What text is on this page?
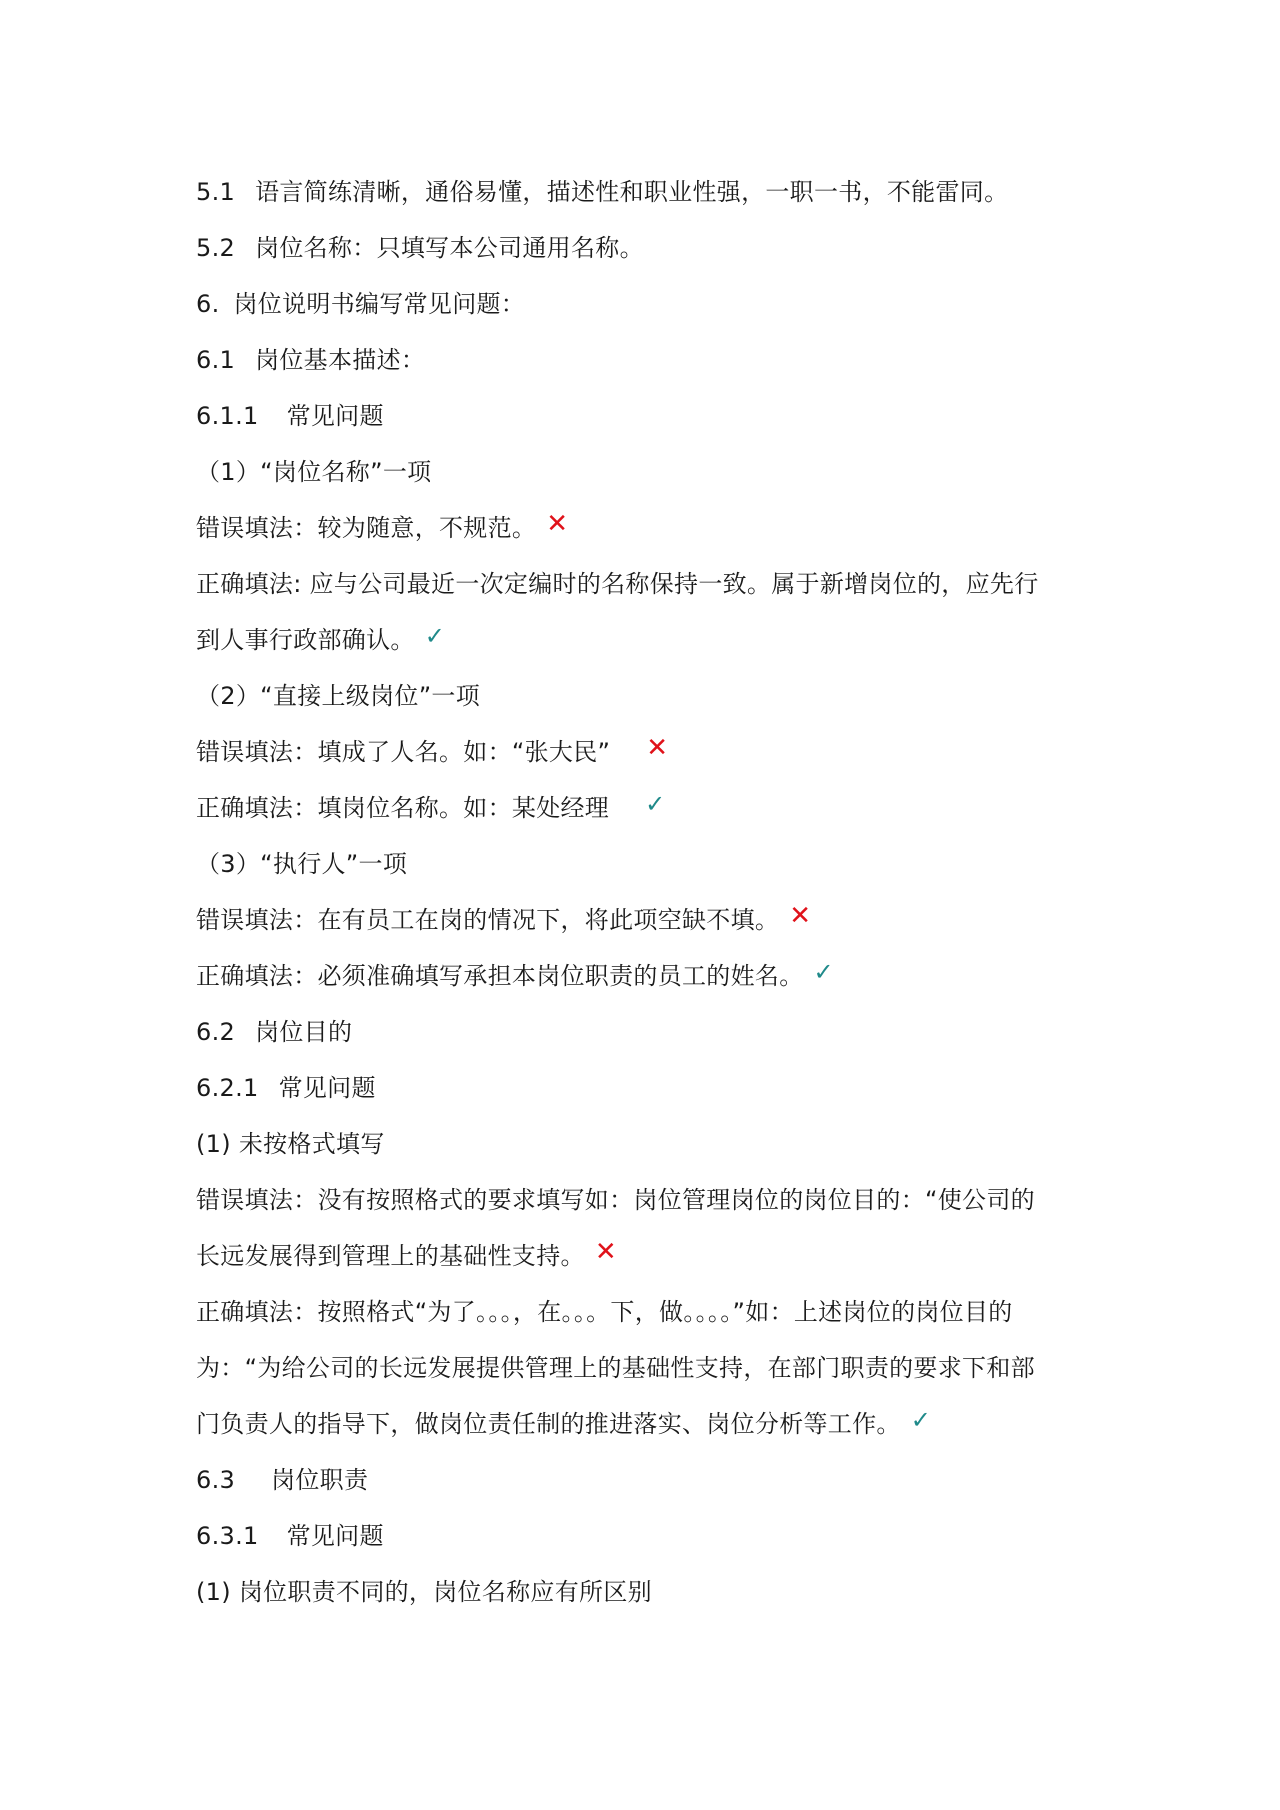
5.1 语言简练清晰，通俗易懂，描述性和职业性强，一职一书，不能雷同。
5.2 岗位名称：只填写本公司通用名称。
6. 岗位说明书编写常见问题：
6.1 岗位基本描述：
6.1.1 常见问题
（1）“岗位名称”一项
错误填法：较为随意，不规范。 ✕
正确填法: 应与公司最近一次定编时的名称保持一致。属于新增岗位的，应先行
到人事行政部确认。 ✓
（2）“直接上级岗位”一项
错误填法：填成了人名。如：“张大民” ✕
正确填法：填岗位名称。如：某处经理 ✓
（3）“执行人”一项
错误填法：在有员工在岗的情况下，将此项空缺不填。 ✕
正确填法：必须准确填写承担本岗位职责的员工的姓名。 ✓
6.2 岗位目的
6.2.1 常见问题
(1) 未按格式填写
错误填法：没有按照格式的要求填写如：岗位管理岗位的岗位目的：“使公司的
长远发展得到管理上的基础性支持。 ✕
正确填法：按照格式“为了。。。，在。。。下，做。。。。”如：上述岗位的岗位目的
为：“为给公司的长远发展提供管理上的基础性支持，在部门职责的要求下和部
门负责人的指导下，做岗位责任制的推进落实、岗位分析等工作。 ✓
6.3 岗位职责
6.3.1 常见问题
(1) 岗位职责不同的，岗位名称应有所区别
